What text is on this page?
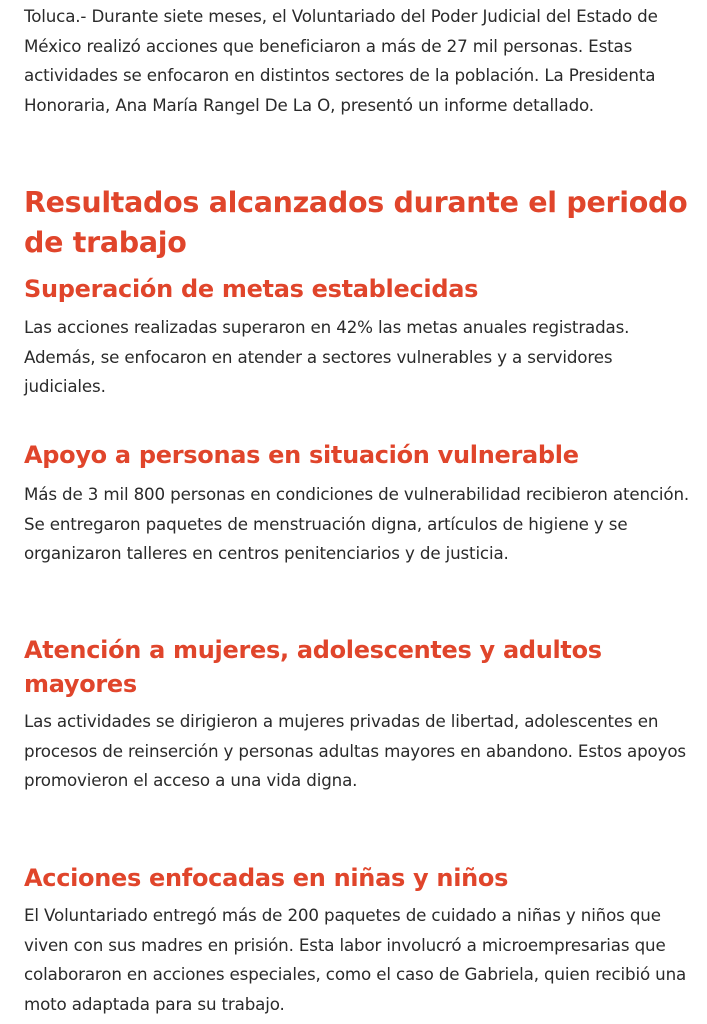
Toluca.- Durante siete meses, el Voluntariado del Poder Judicial del Estado de México realizó acciones que beneficiaron a más de 27 mil personas. Estas actividades se enfocaron en distintos sectores de la población. La Presidenta Honoraria, Ana María Rangel De La O, presentó un informe detallado.

Resultados alcanzados durante el periodo de trabajo
Superación de metas establecidas

Las acciones realizadas superaron en 42% las metas anuales registradas. Además, se enfocaron en atender a sectores vulnerables y a servidores judiciales.

Apoyo a personas en situación vulnerable

Más de 3 mil 800 personas en condiciones de vulnerabilidad recibieron atención. Se entregaron paquetes de menstruación digna, artículos de higiene y se organizaron talleres en centros penitenciarios y de justicia.

Atención a mujeres, adolescentes y adultos mayores

Las actividades se dirigieron a mujeres privadas de libertad, adolescentes en procesos de reinserción y personas adultas mayores en abandono. Estos apoyos promovieron el acceso a una vida digna.

Acciones enfocadas en niñas y niños

El Voluntariado entregó más de 200 paquetes de cuidado a niñas y niños que viven con sus madres en prisión. Esta labor involucró a microempresarias que colaboraron en acciones especiales, como el caso de Gabriela, quien recibió una moto adaptada para su trabajo.
